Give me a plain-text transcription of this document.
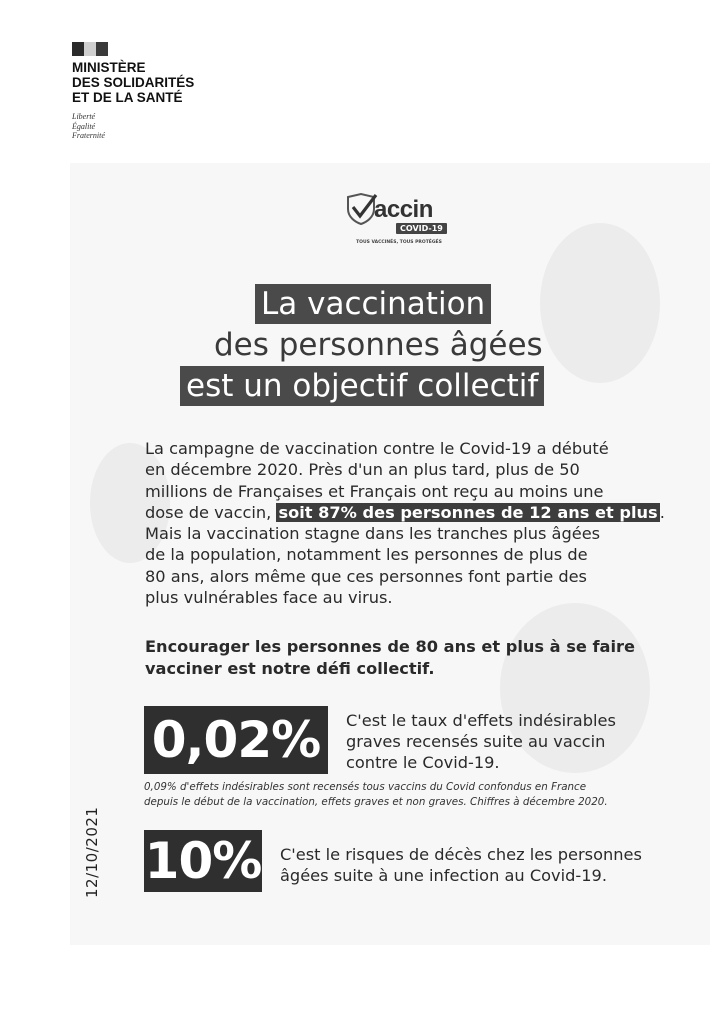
MINISTÈRE
DES SOLIDARITÉS
ET DE LA SANTÉ
Liberté
Égalité
Fraternité
accin
COVID-19
TOUS VACCINÉS, TOUS PROTÉGÉS
La vaccination
des personnes âgées
est un objectif collectif
La campagne de vaccination contre le Covid-19 a débuté
en décembre 2020. Près d'un an plus tard, plus de 50
millions de Françaises et Français ont reçu au moins une
dose de vaccin, soit 87% des personnes de 12 ans et plus .
Mais la vaccination stagne dans les tranches plus âgées
de la population, notamment les personnes de plus de
80 ans, alors même que ces personnes font partie des
plus vulnérables face au virus.
Encourager les personnes de 80 ans et plus à se faire
vacciner est notre défi collectif.
0,02%	C'est le taux d'effets indésirables
graves recensés suite au vaccin
contre le Covid-19.
0,09% d'effets indésirables sont recensés tous vaccins du Covid confondus en France
depuis le début de la vaccination, effets graves et non graves. Chiffres à décembre 2020.
10% C'est le risques de décès chez les personnes
âgées suite à une infection au Covid-19.
12/10/2021
